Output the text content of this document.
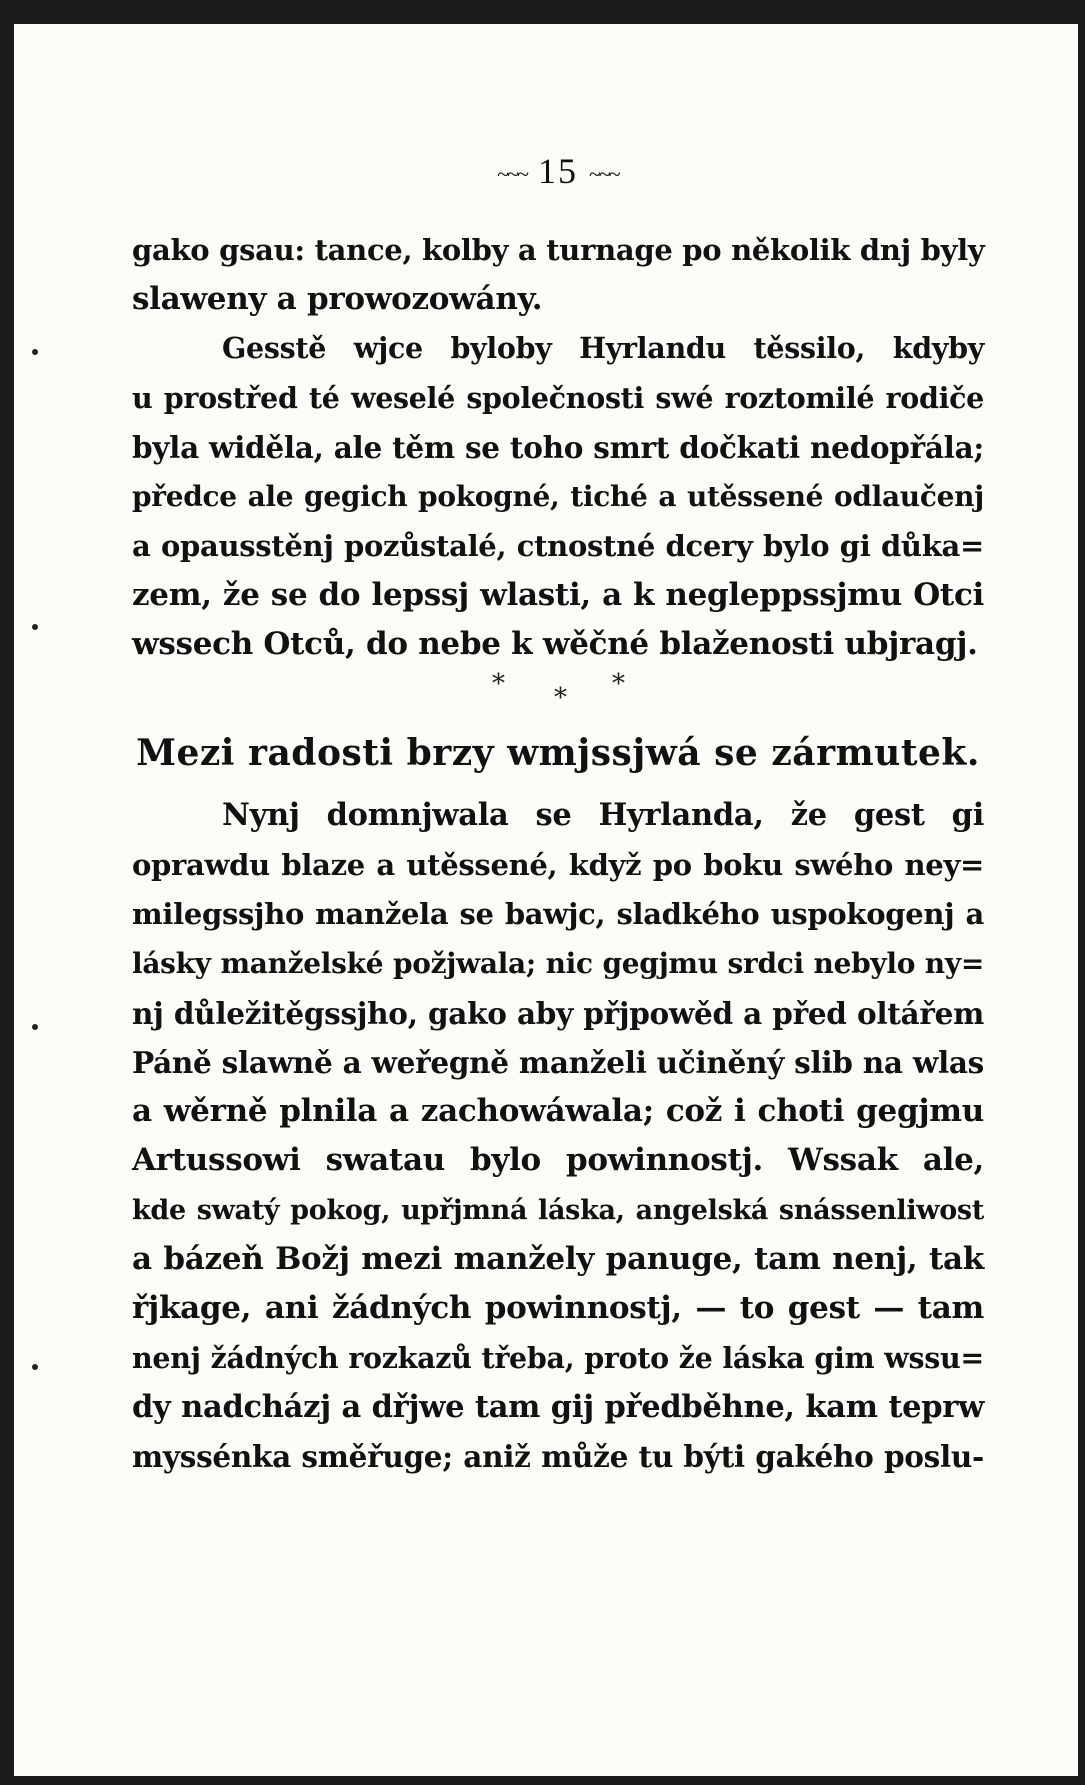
~~~ 15 ~~~
gako gsau: tance, kolby a turnage po několik dnj byly
slaweny a prowozowány.
Gesstě wjce byloby Hyrlandu těssilo, kdyby
u prostřed té weselé společnosti swé roztomilé rodiče
byla widěla, ale těm se toho smrt dočkati nedopřála;
předce ale gegich pokogné, tiché a utěssené odlaučenj
a opausstěnj pozůstalé, ctnostné dcery bylo gi důka=
zem, že se do lepssj wlasti, a k negleppssjmu Otci
wssech Otců, do nebe k wěčné blaženosti ubjragj.
* * *
Mezi radosti brzy wmjssjwá se zármutek.
Nynj domnjwala se Hyrlanda, že gest gi
oprawdu blaze a utěssené, když po boku swého ney=
milegssjho manžela se bawjc, sladkého uspokogenj a
lásky manželské požjwala; nic gegjmu srdci nebylo ny=
nj důležitěgssjho, gako aby přjpowěd a před oltářem
Páně slawně a weřegně manželi učiněný slib na wlas
a wěrně plnila a zachowáwala; což i choti gegjmu
Artussowi swatau bylo powinnostj. Wssak ale,
kde swatý pokog, upřjmná láska, angelská snássenliwost
a bázeň Božj mezi manžely panuge, tam nenj, tak
řjkage, ani žádných powinnostj, — to gest — tam
nenj žádných rozkazů třeba, proto že láska gim wssu=
dy nadcházj a dřjwe tam gij předběhne, kam teprw
myssénka směřuge; aniž může tu býti gakého poslu-
